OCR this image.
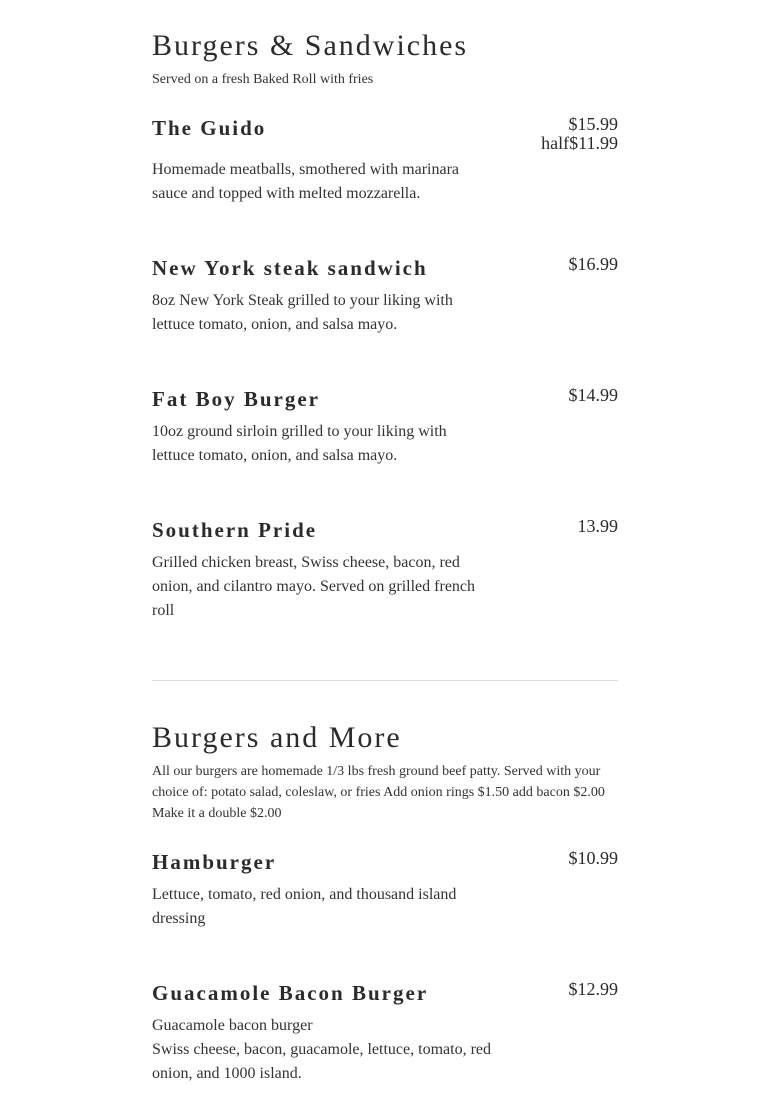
Burgers & Sandwiches

Served on a fresh Baked Roll with fries

The Guido	$15.99
half$11.99

Homemade meatballs, smothered with marinara sauce and topped with melted mozzarella.

New York steak sandwich	$16.99

8oz New York Steak grilled to your liking with lettuce tomato, onion, and salsa mayo.

Fat Boy Burger	$14.99

10oz ground sirloin grilled to your liking with lettuce tomato, onion, and salsa mayo.

Southern Pride	13.99

Grilled chicken breast, Swiss cheese, bacon, red onion, and cilantro mayo. Served on grilled french roll

Burgers and More

All our burgers are homemade 1/3 lbs fresh ground beef patty. Served with your choice of: potato salad, coleslaw, or fries Add onion rings $1.50 add bacon $2.00 Make it a double $2.00

Hamburger	$10.99

Lettuce, tomato, red onion, and thousand island dressing

Guacamole Bacon Burger	$12.99

Guacamole bacon burger
Swiss cheese, bacon, guacamole, lettuce, tomato, red onion, and 1000 island.
